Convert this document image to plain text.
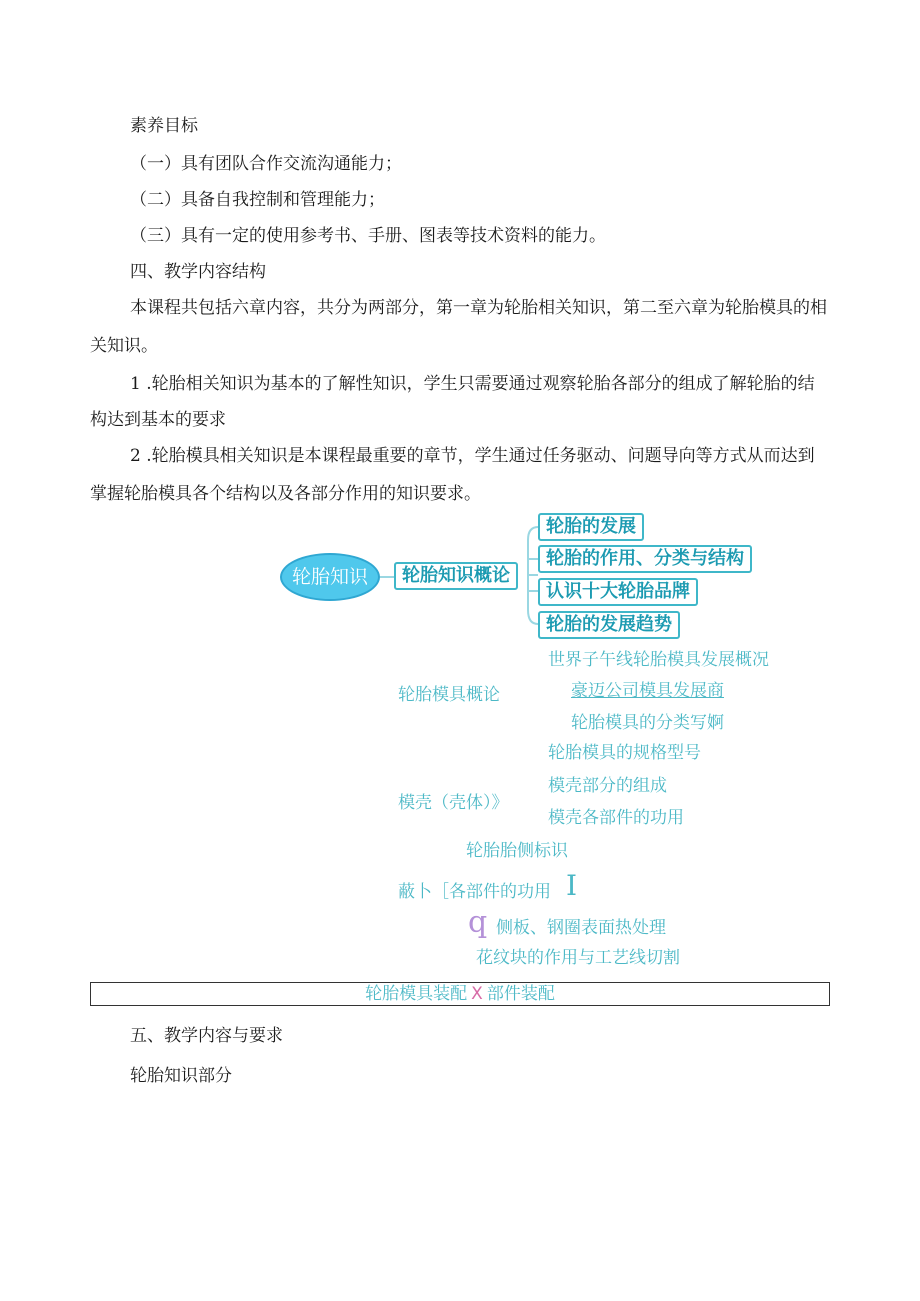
素养目标

（一）具有团队合作交流沟通能力；

（二）具备自我控制和管理能力；

（三）具有一定的使用参考书、手册、图表等技术资料的能力。

四、教学内容结构

本课程共包括六章内容，共分为两部分，第一章为轮胎相关知识，第二至六章为轮胎模具的相

关知识。

1 .轮胎相关知识为基本的了解性知识，学生只需要通过观察轮胎各部分的组成了解轮胎的结

构达到基本的要求

2 .轮胎模具相关知识是本课程最重要的章节，学生通过任务驱动、问题导向等方式从而达到

掌握轮胎模具各个结构以及各部分作用的知识要求。

轮胎知识	轮胎知识概论
轮胎的发展
轮胎的作用、分类与结构
认识十大轮胎品牌
轮胎的发展趋势
世界子午线轮胎模具发展概况
轮胎模具概论	豪迈公司模具发展商
轮胎模具的分类写婀
轮胎模具的规格型号
模壳部分的组成
模壳（壳体）》
模壳各部件的功用
轮胎胎侧标识
蔽卜［各部件的功用 I
q 侧板、钢圈表面热处理
花纹块的作用与工艺线切割
轮胎模具装配 X 部件装配

五、教学内容与要求

轮胎知识部分
